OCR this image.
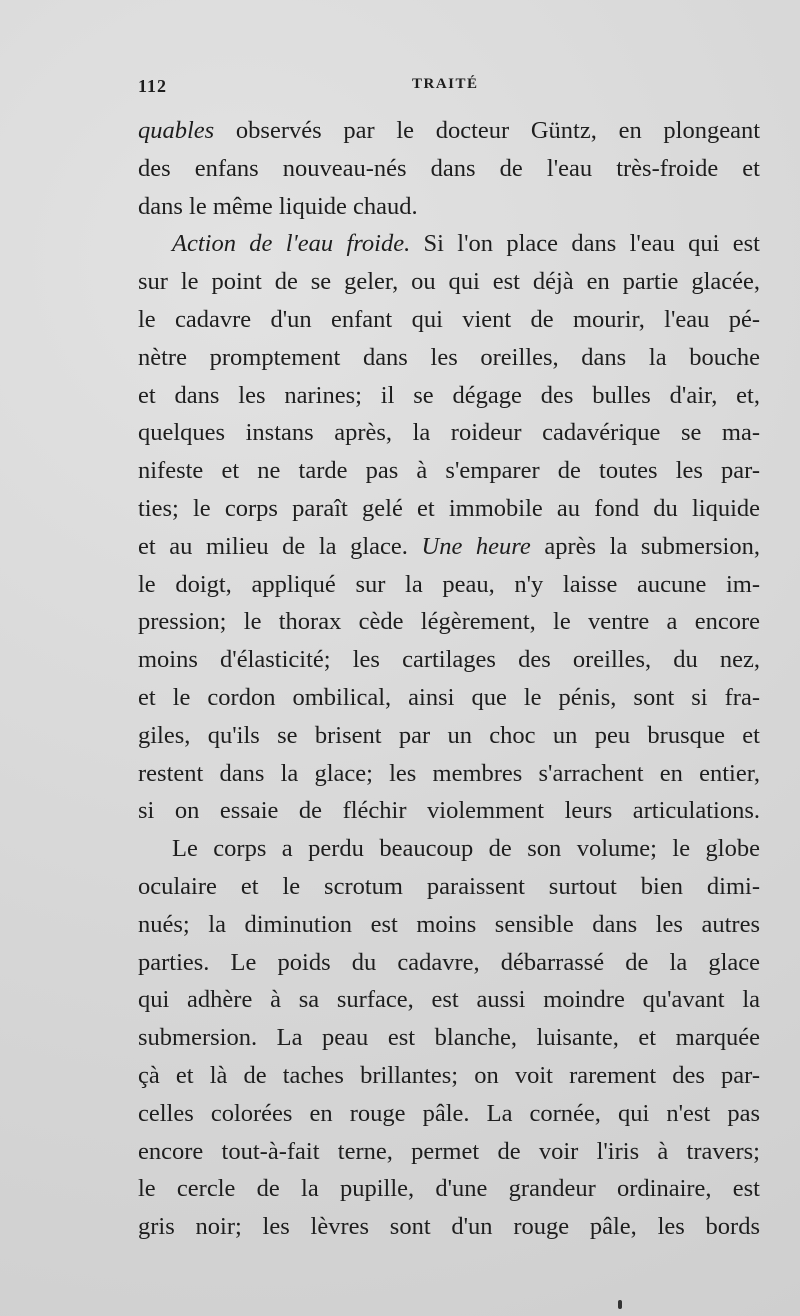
112	TRAITÉ
quables observés par le docteur Güntz, en plongeant
des enfans nouveau-nés dans de l'eau très-froide et
dans le même liquide chaud.
Action de l'eau froide. Si l'on place dans l'eau qui est
sur le point de se geler, ou qui est déjà en partie glacée,
le cadavre d'un enfant qui vient de mourir, l'eau pé-
nètre promptement dans les oreilles, dans la bouche
et dans les narines; il se dégage des bulles d'air, et,
quelques instans après, la roideur cadavérique se ma-
nifeste et ne tarde pas à s'emparer de toutes les par-
ties; le corps paraît gelé et immobile au fond du liquide
et au milieu de la glace. Une heure après la submersion,
le doigt, appliqué sur la peau, n'y laisse aucune im-
pression; le thorax cède légèrement, le ventre a encore
moins d'élasticité; les cartilages des oreilles, du nez,
et le cordon ombilical, ainsi que le pénis, sont si fra-
giles, qu'ils se brisent par un choc un peu brusque et
restent dans la glace; les membres s'arrachent en entier,
si on essaie de fléchir violemment leurs articulations.
Le corps a perdu beaucoup de son volume; le globe
oculaire et le scrotum paraissent surtout bien dimi-
nués; la diminution est moins sensible dans les autres
parties. Le poids du cadavre, débarrassé de la glace
qui adhère à sa surface, est aussi moindre qu'avant la
submersion. La peau est blanche, luisante, et marquée
çà et là de taches brillantes; on voit rarement des par-
celles colorées en rouge pâle. La cornée, qui n'est pas
encore tout-à-fait terne, permet de voir l'iris à travers;
le cercle de la pupille, d'une grandeur ordinaire, est
gris noir; les lèvres sont d'un rouge pâle, les bords
